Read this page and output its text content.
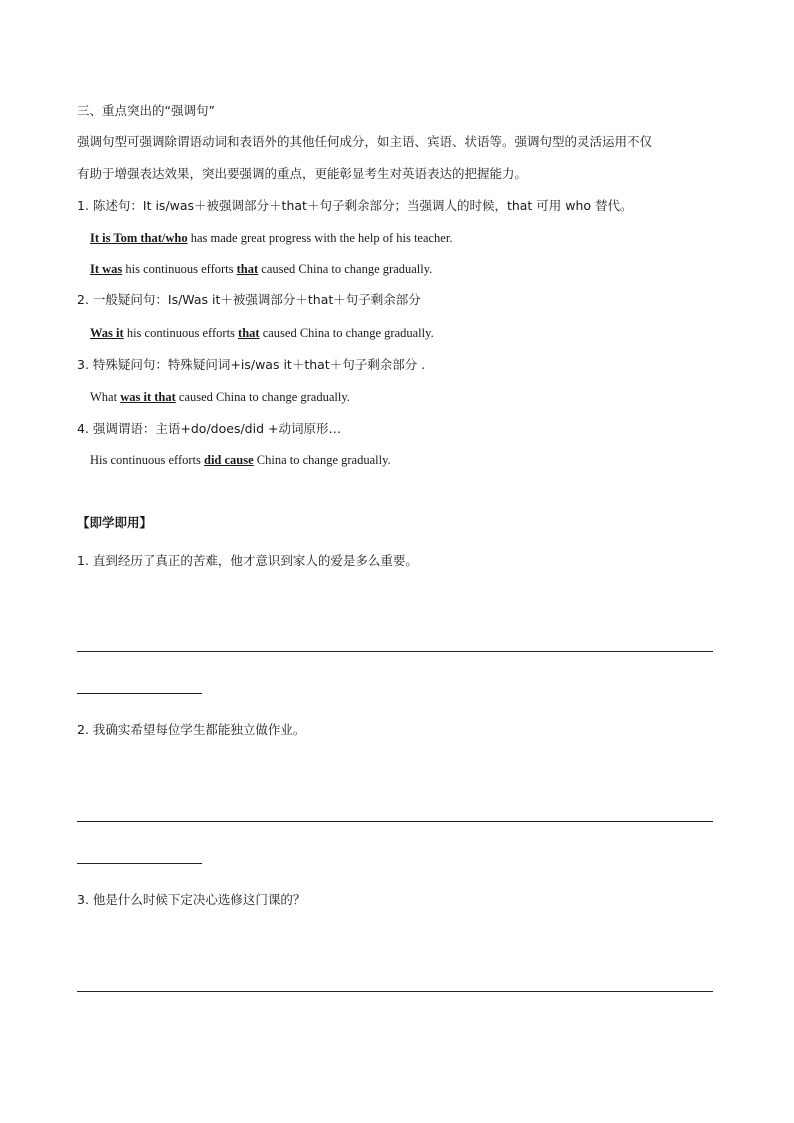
三、重点突出的“强调句”
强调句型可强调除谓语动词和表语外的其他任何成分，如主语、宾语、状语等。强调句型的灵活运用不仅
有助于增强表达效果，突出要强调的重点，更能彰显考生对英语表达的把握能力。
1. 陈述句：It is/was＋被强调部分＋that＋句子剩余部分；当强调人的时候，that 可用 who 替代。
It is Tom that/who has made great progress with the help of his teacher.
It was his continuous efforts that caused China to change gradually.
2. 一般疑问句：Is/Was it＋被强调部分＋that＋句子剩余部分
Was it his continuous efforts that caused China to change gradually.
3. 特殊疑问句：特殊疑问词+is/was it＋that＋句子剩余部分 .
What was it that caused China to change gradually.
4. 强调谓语：主语+do/does/did +动词原形…
His continuous efforts did cause China to change gradually.
【即学即用】
1. 直到经历了真正的苦难，他才意识到家人的爱是多么重要。
2. 我确实希望每位学生都能独立做作业。
3. 他是什么时候下定决心选修这门课的？
